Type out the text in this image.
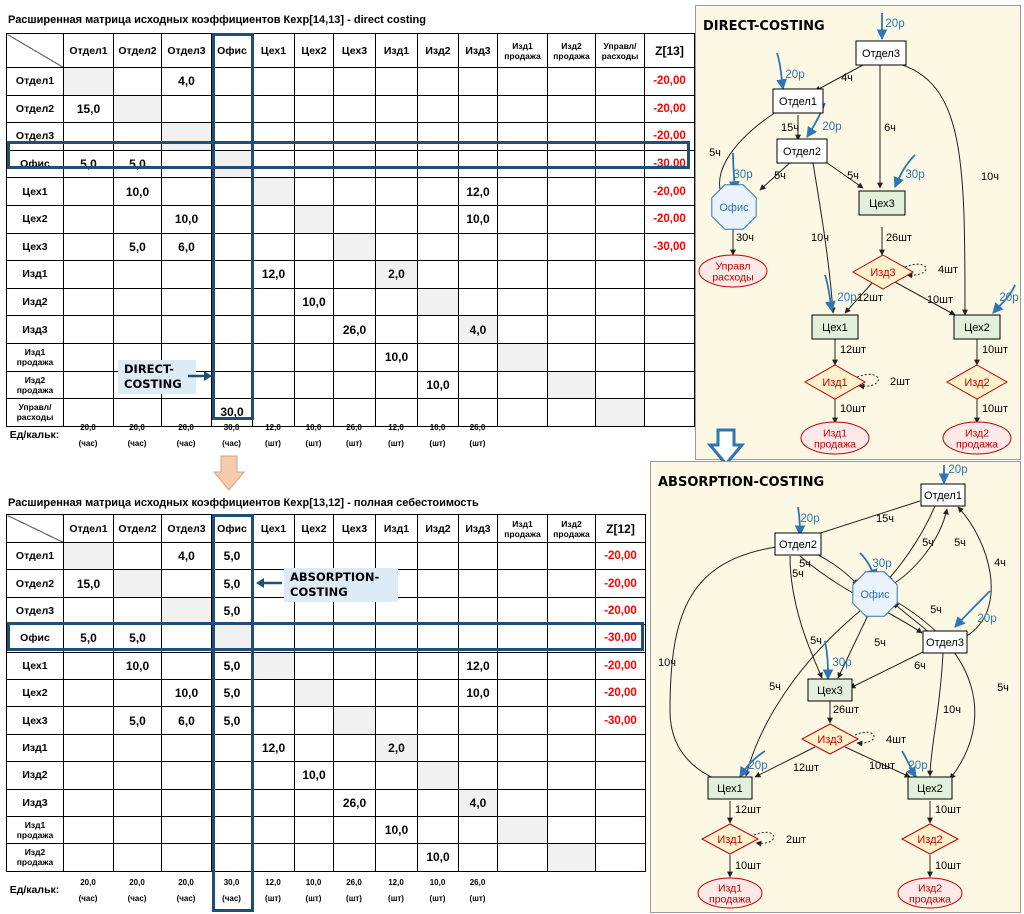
Расширенная матрица исходных коэффициентов Кexp[14,13] - direct costing
	Отдел1	Отдел2	Отдел3	Офис	Цех1	Цех2	Цех3	Изд1	Изд2	Изд3	Изд1 продажа	Изд2 продажа	Управл/ расходы	Z[13]
Отдел1			4,0											-20,00
Отдел2	15,0													-20,00
Отдел3														-20,00
Офис	5,0	5,0												-30,00
Цех1		10,0								12,0				-20,00
Цех2			10,0							10,0				-20,00
Цех3		5,0	6,0											-30,00
Изд1					12,0			2,0						
Изд2						10,0								
Изд3							26,0			4,0				
Изд1 продажа								10,0						
Изд2 продажа									10,0					
Управл/ расходы				30,0										
Ед/кальк:	20,0	20,0	20,0	30,0	12,0	10,0	26,0	12,0	10,0	26,0	
	(час)	(час)	(час)	(час)	(шт)	(шт)	(шт)	(шт)	(шт)	(шт)	
DIRECT-
COSTING
Расширенная матрица исходных коэффициентов Кexp[13,12] - полная себестоимость
	Отдел1	Отдел2	Отдел3	Офис	Цех1	Цех2	Цех3	Изд1	Изд2	Изд3	Изд1 продажа	Изд2 продажа	Z[12]
Отдел1			4,0	5,0									-20,00
Отдел2	15,0			5,0									-20,00
Отдел3				5,0									-20,00
Офис	5,0	5,0											-30,00
Цех1		10,0		5,0						12,0			-20,00
Цех2			10,0	5,0						10,0			-20,00
Цех3		5,0	6,0	5,0									-30,00
Изд1					12,0			2,0					
Изд2						10,0							
Изд3							26,0			4,0			
Изд1 продажа								10,0					
Изд2 продажа									10,0				
Ед/кальк:	20,0	20,0	20,0	30,0	12,0	10,0	26,0	12,0	10,0	26,0	
	(час)	(час)	(час)	(час)	(шт)	(шт)	(шт)	(шт)	(шт)	(шт)	
ABSORPTION-
COSTING
DIRECT-COSTING
4ч
15ч	6ч
10ч
5ч
5ч	5ч
10ч
30ч	26шт
12шт	10шт
12шт	10шт
10шт	10шт
4шт
2шт
20р
20р
20р
30р	30р
20р	20р
Отдел3
Отдел1
Отдел2
Офис	Цех3
Изд3
Цех1	Цех2
Изд1	Изд2
Управл расходы
Изд1 продажа
Изд2 продажа
ABSORPTION-COSTING
15ч
5ч
5ч 5ч
4ч
5ч
5ч
10ч
5ч	5ч
6ч
5ч
10ч
5ч
26шт
12шт	10шт
12шт	10шт
10шт	10шт
4шт
2шт
20р
20р
30р
20р
30р
20р	20р
Отдел1
Отдел2
Офис
Отдел3
Цех3
Изд3
Цех1	Цех2
Изд1	Изд2
Изд1 продажа
Изд2 продажа
